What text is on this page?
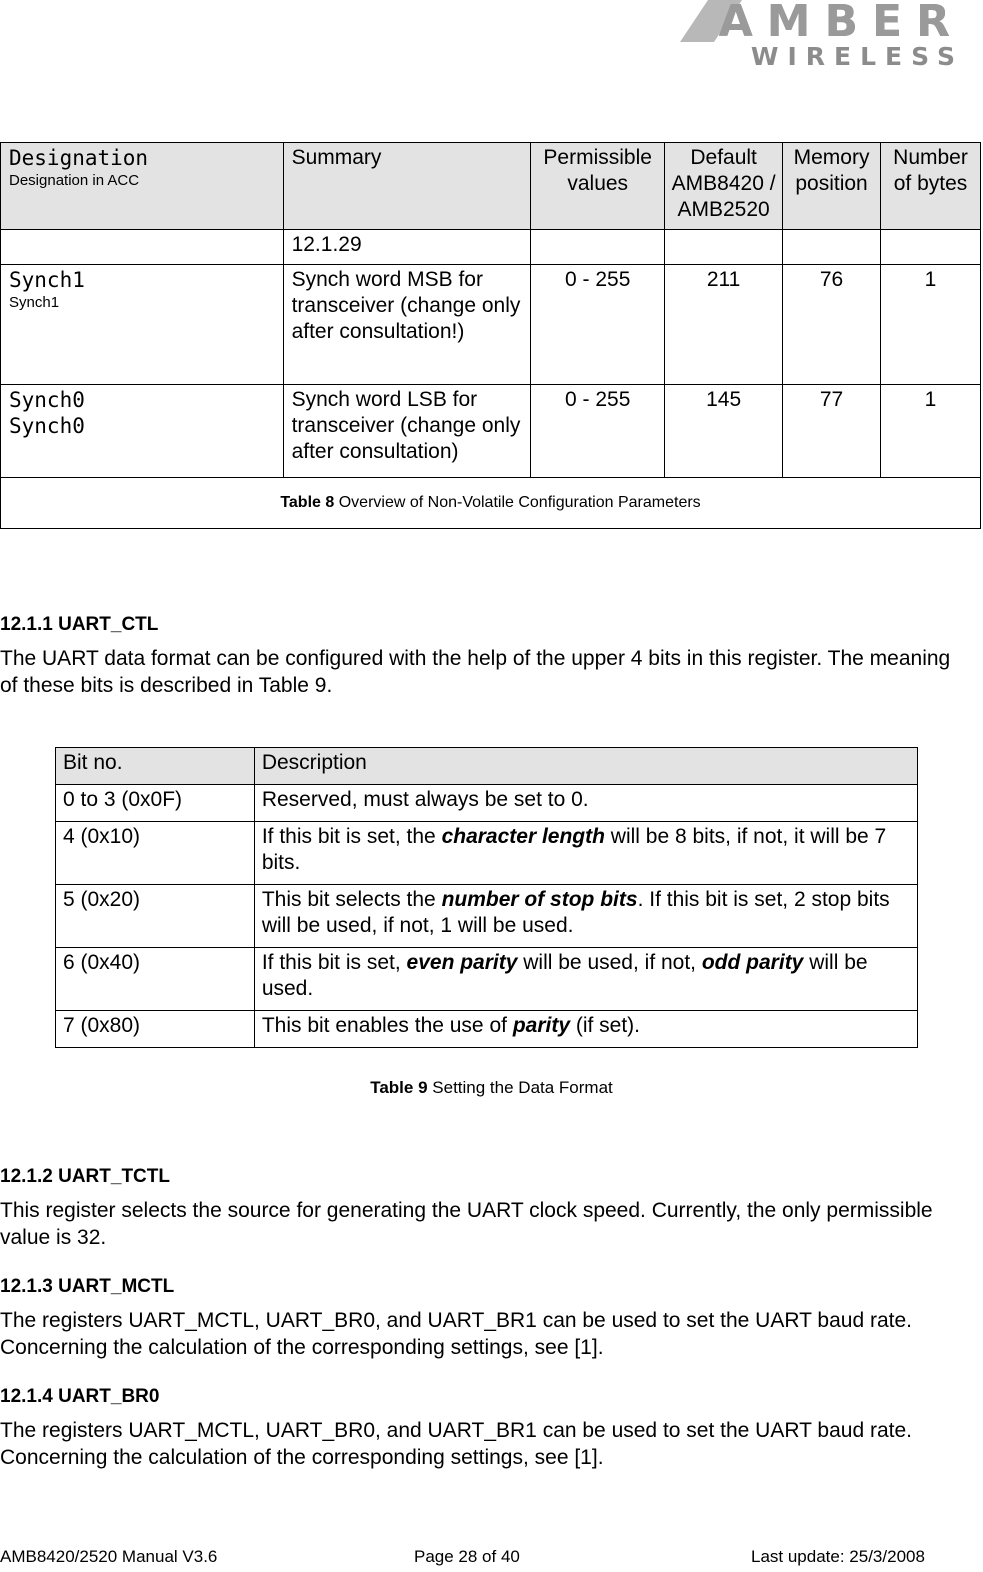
AMBER
WIRELESS
Designation
Designation in ACC	Summary	Permissible values	Default AMB8420 / AMB2520	Memory position	Number of bytes
	12.1.29				

Synch1
Synch1	Synch word MSB for transceiver (change only after consultation!)	0 - 255	211	76	1

Synch0
Synch0	Synch word LSB for transceiver (change only after consultation)	0 - 255	145	77	1
Table 8 Overview of Non-Volatile Configuration Parameters					
12.1.1 UART_CTL
The UART data format can be configured with the help of the upper 4 bits in this register. The meaning of these bits is described in Table 9.
Bit no.	Description
0 to 3 (0x0F)	Reserved, must always be set to 0.
4 (0x10)	If this bit is set, the character length will be 8 bits, if not, it will be 7 bits.
5 (0x20)	This bit selects the number of stop bits. If this bit is set, 2 stop bits will be used, if not, 1 will be used.
6 (0x40)	If this bit is set, even parity will be used, if not, odd parity will be used.
7 (0x80)	This bit enables the use of parity (if set).
Table 9 Setting the Data Format
12.1.2 UART_TCTL
This register selects the source for generating the UART clock speed. Currently, the only permissible value is 32.
12.1.3 UART_MCTL
The registers UART_MCTL, UART_BR0, and UART_BR1 can be used to set the UART baud rate. Concerning the calculation of the corresponding settings, see [1].
12.1.4 UART_BR0
The registers UART_MCTL, UART_BR0, and UART_BR1 can be used to set the UART baud rate. Concerning the calculation of the corresponding settings, see [1].
AMB8420/2520 Manual V3.6	Page 28 of 40	Last update: 25/3/2008
